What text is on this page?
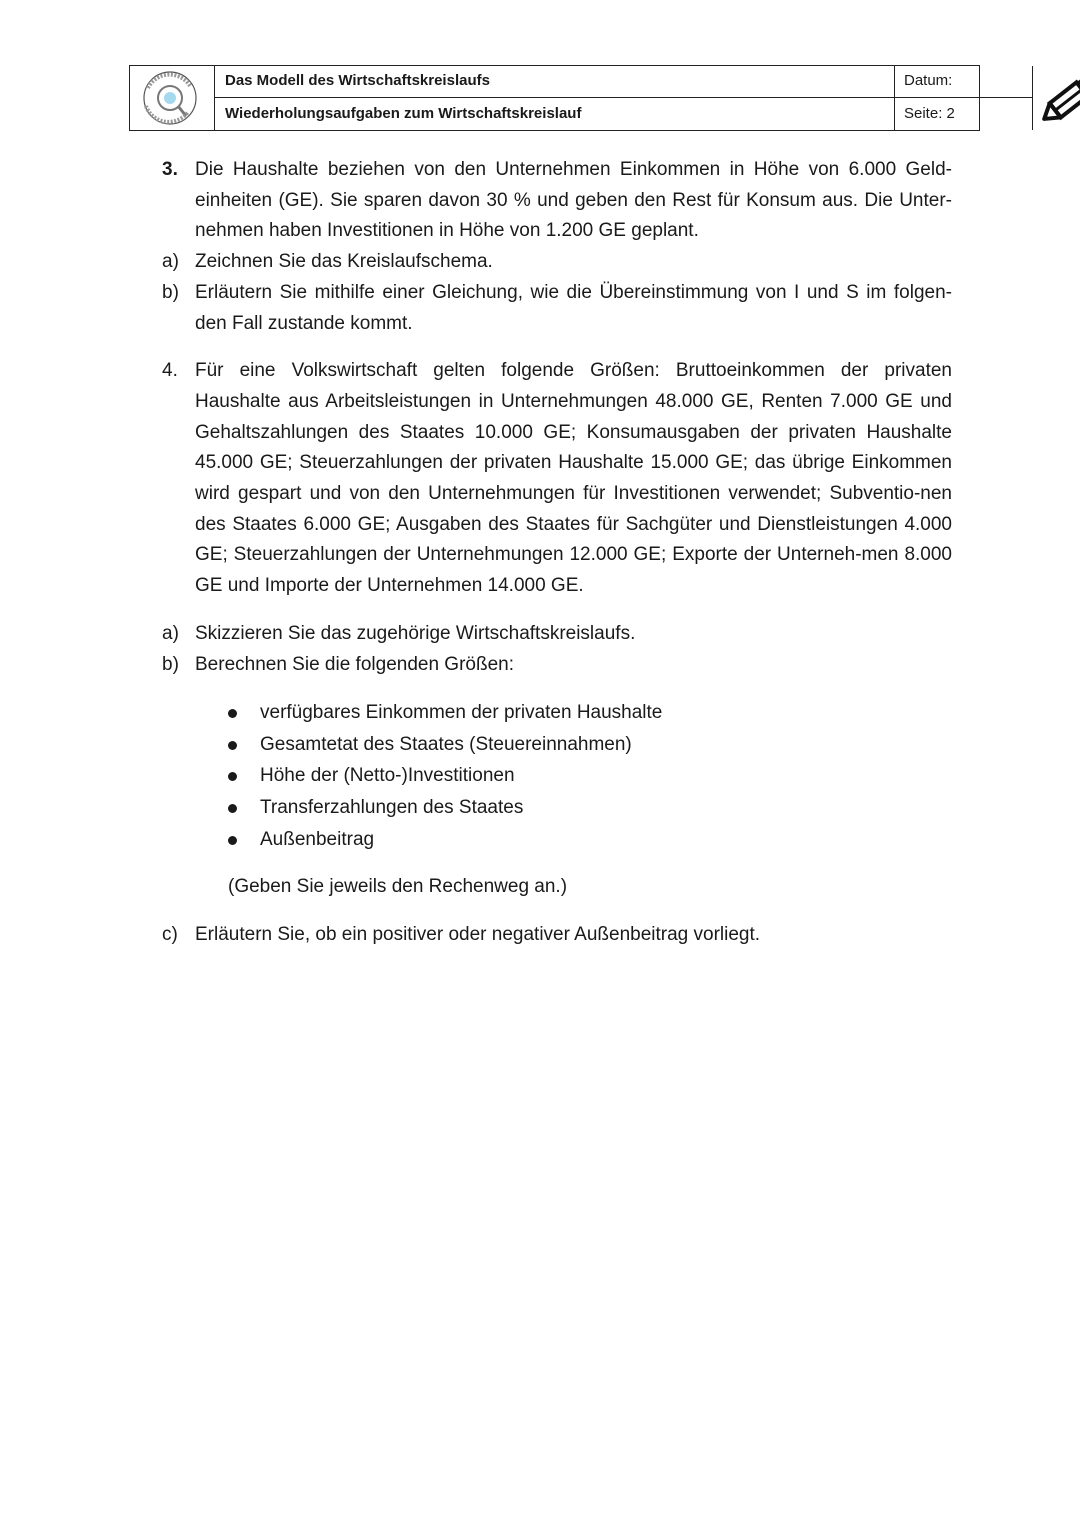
Das Modell des Wirtschaftskreislaufs
Wiederholungsaufgaben zum Wirtschaftskreislauf
Datum:
Seite: 2
3. Die Haushalte beziehen von den Unternehmen Einkommen in Höhe von 6.000 Geld-einheiten (GE). Sie sparen davon 30 % und geben den Rest für Konsum aus. Die Unter-nehmen haben Investitionen in Höhe von 1.200 GE geplant.
a) Zeichnen Sie das Kreislaufschema.
b) Erläutern Sie mithilfe einer Gleichung, wie die Übereinstimmung von I und S im folgen-den Fall zustande kommt.
4. Für eine Volkswirtschaft gelten folgende Größen: Bruttoeinkommen der privaten Haushalte aus Arbeitsleistungen in Unternehmungen 48.000 GE, Renten 7.000 GE und Gehaltszahlungen des Staates 10.000 GE; Konsumausgaben der privaten Haushalte 45.000 GE; Steuerzahlungen der privaten Haushalte 15.000 GE; das übrige Einkommen wird gespart und von den Unternehmungen für Investitionen verwendet; Subventio-nen des Staates 6.000 GE; Ausgaben des Staates für Sachgüter und Dienstleistungen 4.000 GE; Steuerzahlungen der Unternehmungen 12.000 GE; Exporte der Unterneh-men 8.000 GE und Importe der Unternehmen 14.000 GE.
a) Skizzieren Sie das zugehörige Wirtschaftskreislaufs.
b) Berechnen Sie die folgenden Größen:
verfügbares Einkommen der privaten Haushalte
Gesamtetat des Staates (Steuereinnahmen)
Höhe der (Netto-)Investitionen
Transferzahlungen des Staates
Außenbeitrag
(Geben Sie jeweils den Rechenweg an.)
c) Erläutern Sie, ob ein positiver oder negativer Außenbeitrag vorliegt.
